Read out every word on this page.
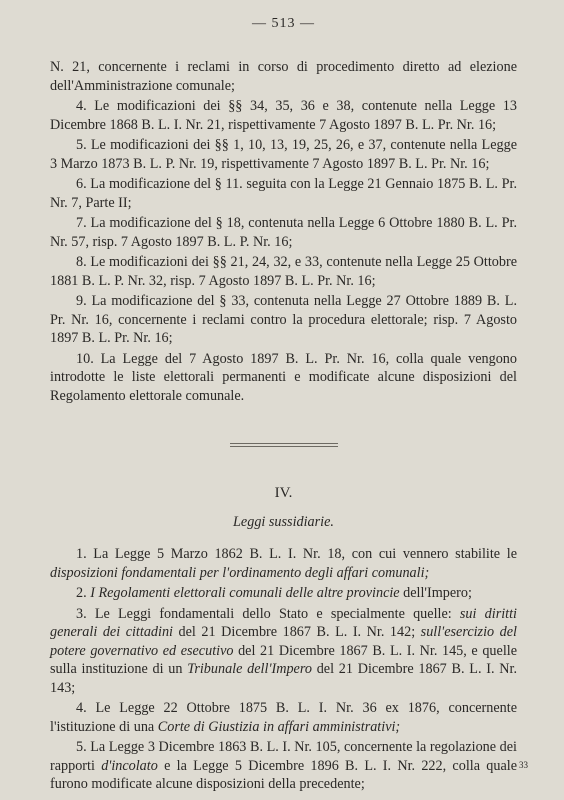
— 513 —

N. 21, concernente i reclami in corso di procedimento diretto ad elezione dell'Amministrazione comunale;

4. Le modificazioni dei §§ 34, 35, 36 e 38, contenute nella Legge 13 Dicembre 1868 B. L. I. Nr. 21, rispettivamente 7 Agosto 1897 B. L. Pr. Nr. 16;

5. Le modificazioni dei §§ 1, 10, 13, 19, 25, 26, e 37, contenute nella Legge 3 Marzo 1873 B. L. P. Nr. 19, rispettivamente 7 Agosto 1897 B. L. Pr. Nr. 16;

6. La modificazione del § 11. seguita con la Legge 21 Gennaio 1875 B. L. Pr. Nr. 7, Parte II;

7. La modificazione del § 18, contenuta nella Legge 6 Ottobre 1880 B. L. Pr. Nr. 57, risp. 7 Agosto 1897 B. L. P. Nr. 16;

8. Le modificazioni dei §§ 21, 24, 32, e 33, contenute nella Legge 25 Ottobre 1881 B. L. P. Nr. 32, risp. 7 Agosto 1897 B. L. Pr. Nr. 16;

9. La modificazione del § 33, contenuta nella Legge 27 Ottobre 1889 B. L. Pr. Nr. 16, concernente i reclami contro la procedura elettorale; risp. 7 Agosto 1897 B. L. Pr. Nr. 16;

10. La Legge del 7 Agosto 1897 B. L. Pr. Nr. 16, colla quale vengono introdotte le liste elettorali permanenti e modificate alcune disposizioni del Regolamento elettorale comunale.

IV.
Leggi sussidiarie.

1. La Legge 5 Marzo 1862 B. L. I. Nr. 18, con cui vennero stabilite le disposizioni fondamentali per l'ordinamento degli affari comunali;

2. I Regolamenti elettorali comunali delle altre provincie dell'Impero;

3. Le Leggi fondamentali dello Stato e specialmente quelle: sui diritti generali dei cittadini del 21 Dicembre 1867 B. L. I. Nr. 142; sull'esercizio del potere governativo ed esecutivo del 21 Dicembre 1867 B. L. I. Nr. 145, e quelle sulla instituzione di un Tribunale dell'Impero del 21 Dicembre 1867 B. L. I. Nr. 143;

4. Le Legge 22 Ottobre 1875 B. L. I. Nr. 36 ex 1876, concernente l'istituzione di una Corte di Giustizia in affari amministrativi;

5. La Legge 3 Dicembre 1863 B. L. I. Nr. 105, concernente la regolazione dei rapporti d'incolato e la Legge 5 Dicembre 1896 B. L. I. Nr. 222, colla quale furono modificate alcune disposizioni della precedente;

33
